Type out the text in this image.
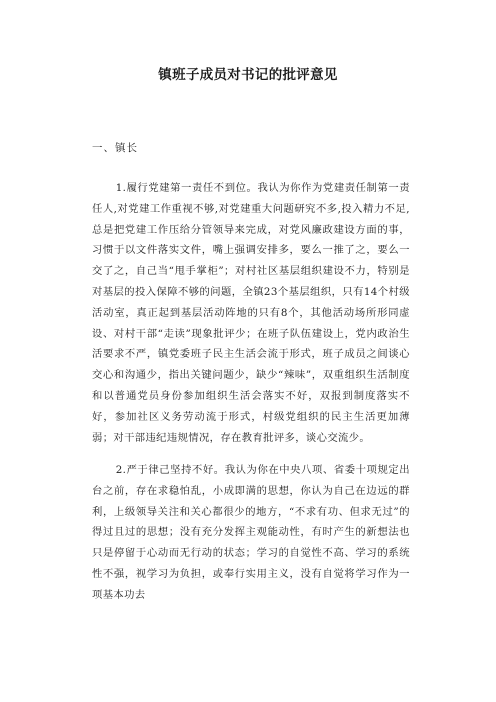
镇班子成员对书记的批评意见
一、镇长

1.履行党建第一责任不到位。我认为你作为党建责任制第一责任人,对党建工作重视不够,对党建重大问题研究不多,投入精力不足,总是把党建工作压给分管领导来完成，对党风廉政建设方面的事，习惯于以文件落实文件，嘴上强调安排多，要么一推了之，要么一交了之，自己当“甩手掌柜”；对村社区基层组织建设不力，特别是对基层的投入保障不够的问题，全镇23个基层组织，只有14个村级活动室，真正起到基层活动阵地的只有8个，其他活动场所形同虚设、对村干部“走读”现象批评少；在班子队伍建设上，党内政治生活要求不严，镇党委班子民主生活会流于形式，班子成员之间谈心交心和沟通少，指出关键问题少，缺少“辣味”，双重组织生活制度和以普通党员身份参加组织生活会落实不好，双报到制度落实不好，参加社区义务劳动流于形式，村级党组织的民主生活更加薄弱；对干部违纪违规情况，存在教育批评多，谈心交流少。

2.严于律己坚持不好。我认为你在中央八项、省委十项规定出台之前，存在求稳怕乱，小成即满的思想，你认为自己在边远的群利，上级领导关注和关心都很少的地方，“不求有功、但求无过”的得过且过的思想；没有充分发挥主观能动性，有时产生的新想法也只是停留于心动而无行动的状态；学习的自觉性不高、学习的系统性不强，视学习为负担，或奉行实用主义，没有自觉将学习作为一项基本功去
